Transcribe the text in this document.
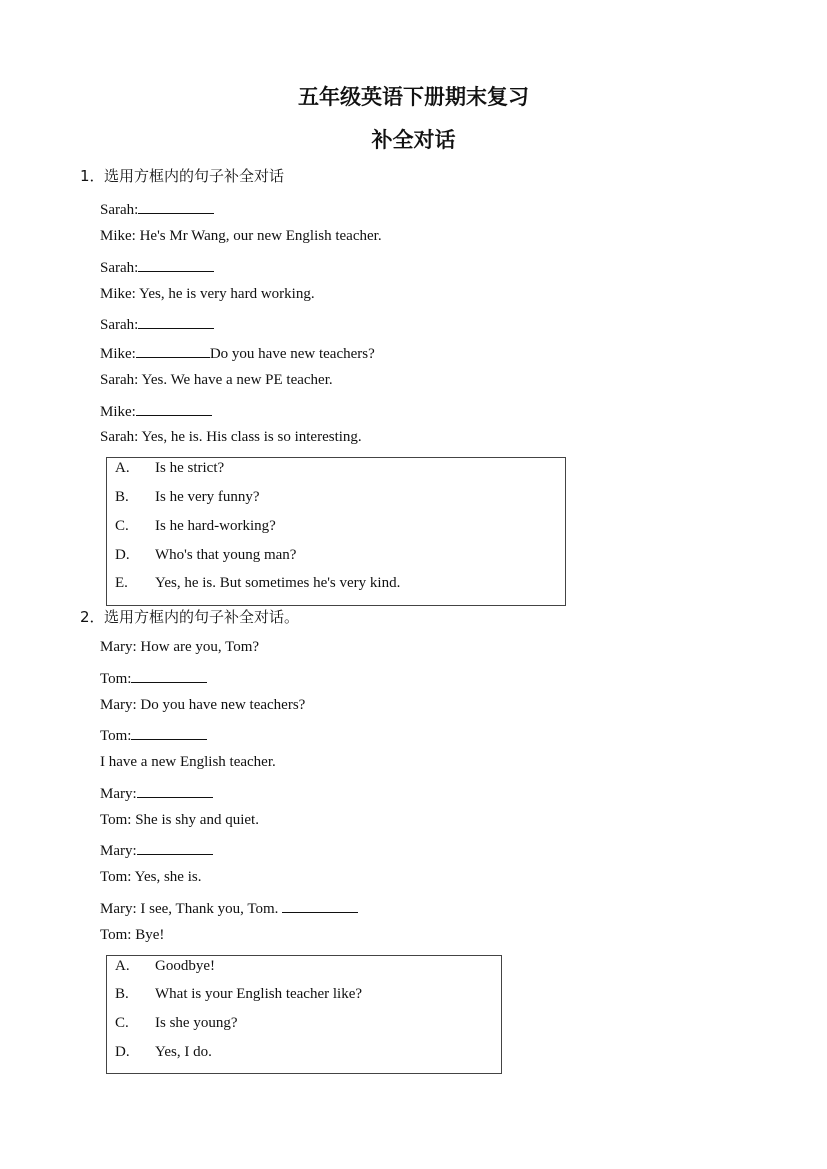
五年级英语下册期末复习
补全对话
1．选用方框内的句子补全对话
Sarah:
Mike: He's Mr Wang, our new English teacher.
Sarah:
Mike: Yes, he is very hard working.
Sarah:
Mike:	Do you have new teachers?
Sarah: Yes. We have a new PE teacher.
Mike:
Sarah: Yes, he is. His class is so interesting.
A. Is he strict?
B. Is he very funny?
C. Is he hard-working?
D. Who's that young man?
E. Yes, he is. But sometimes he's very kind.
2．选用方框内的句子补全对话。
Mary: How are you, Tom?
Tom:
Mary: Do you have new teachers?
Tom:
I have a new English teacher.
Mary:
Tom: She is shy and quiet.
Mary:
Tom: Yes, she is.
Mary: I see, Thank you, Tom.
Tom: Bye!
A. Goodbye!
B. What is your English teacher like?
C. Is she young?
D. Yes, I do.
